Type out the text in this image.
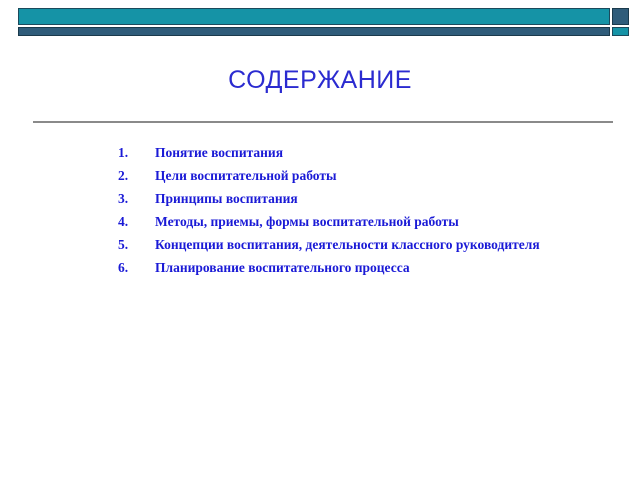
СОДЕРЖАНИЕ
1.	Понятие воспитания
2.	Цели воспитательной работы
3.	Принципы воспитания
4.	Методы, приемы, формы воспитательной работы
5.	Концепции воспитания, деятельности классного руководителя
6.	Планирование воспитательного процесса
